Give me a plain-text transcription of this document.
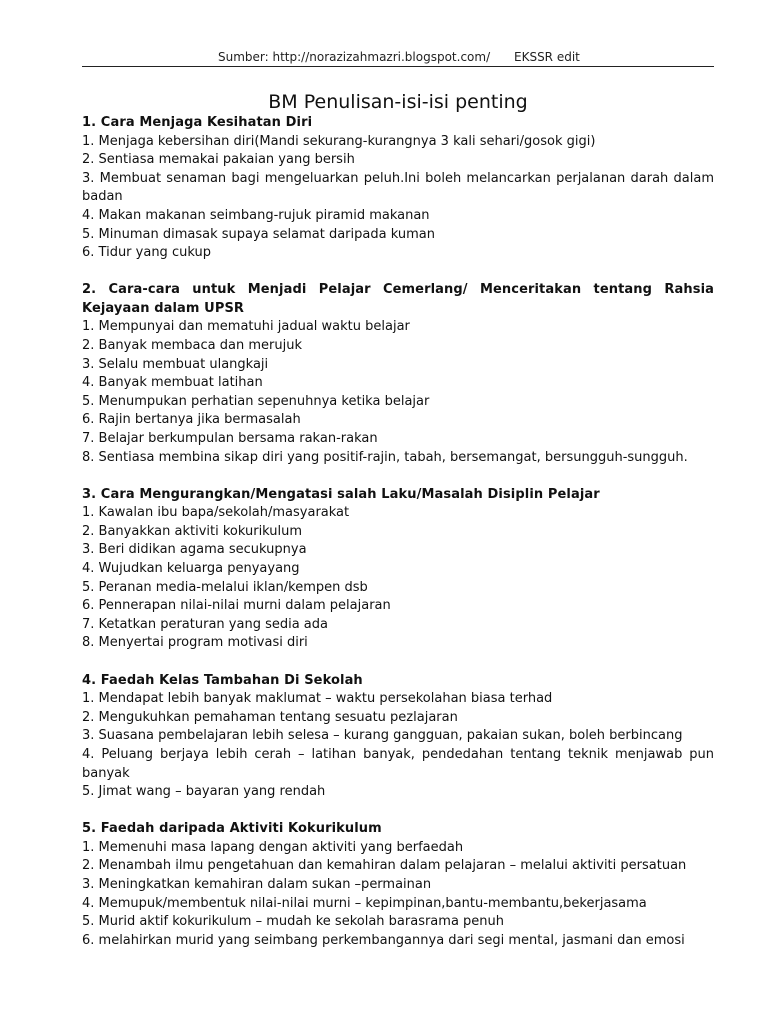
Sumber: http://norazizahmazri.blogspot.com/ EKSSR edit
BM Penulisan-isi-isi penting
1. Cara Menjaga Kesihatan Diri
1. Menjaga kebersihan diri(Mandi sekurang-kurangnya 3 kali sehari/gosok gigi)
2. Sentiasa memakai pakaian yang bersih
3. Membuat senaman bagi mengeluarkan peluh.Ini boleh melancarkan perjalanan darah dalam badan
4. Makan makanan seimbang-rujuk piramid makanan
5. Minuman dimasak supaya selamat daripada kuman
6. Tidur yang cukup
2. Cara-cara untuk Menjadi Pelajar Cemerlang/ Menceritakan tentang Rahsia Kejayaan dalam UPSR
1. Mempunyai dan mematuhi jadual waktu belajar
2. Banyak membaca dan merujuk
3. Selalu membuat ulangkaji
4. Banyak membuat latihan
5. Menumpukan perhatian sepenuhnya ketika belajar
6. Rajin bertanya jika bermasalah
7. Belajar berkumpulan bersama rakan-rakan
8. Sentiasa membina sikap diri yang positif-rajin, tabah, bersemangat, bersungguh-sungguh.
3. Cara Mengurangkan/Mengatasi salah Laku/Masalah Disiplin Pelajar
1. Kawalan ibu bapa/sekolah/masyarakat
2. Banyakkan aktiviti kokurikulum
3. Beri didikan agama secukupnya
4. Wujudkan keluarga penyayang
5. Peranan media-melalui iklan/kempen dsb
6. Pennerapan nilai-nilai murni dalam pelajaran
7. Ketatkan peraturan yang sedia ada
8. Menyertai program motivasi diri
4. Faedah Kelas Tambahan Di Sekolah
1. Mendapat lebih banyak maklumat – waktu persekolahan biasa terhad
2. Mengukuhkan pemahaman tentang sesuatu pezlajaran
3. Suasana pembelajaran lebih selesa – kurang gangguan, pakaian sukan, boleh berbincang
4. Peluang berjaya lebih cerah – latihan banyak, pendedahan tentang teknik menjawab pun banyak
5. Jimat wang – bayaran yang rendah
5. Faedah daripada Aktiviti Kokurikulum
1. Memenuhi masa lapang dengan aktiviti yang berfaedah
2. Menambah ilmu pengetahuan dan kemahiran dalam pelajaran – melalui aktiviti persatuan
3. Meningkatkan kemahiran dalam sukan –permainan
4. Memupuk/membentuk nilai-nilai murni – kepimpinan,bantu-membantu,bekerjasama
5. Murid aktif kokurikulum – mudah ke sekolah barasrama penuh
6. melahirkan murid yang seimbang perkembangannya dari segi mental, jasmani dan emosi
